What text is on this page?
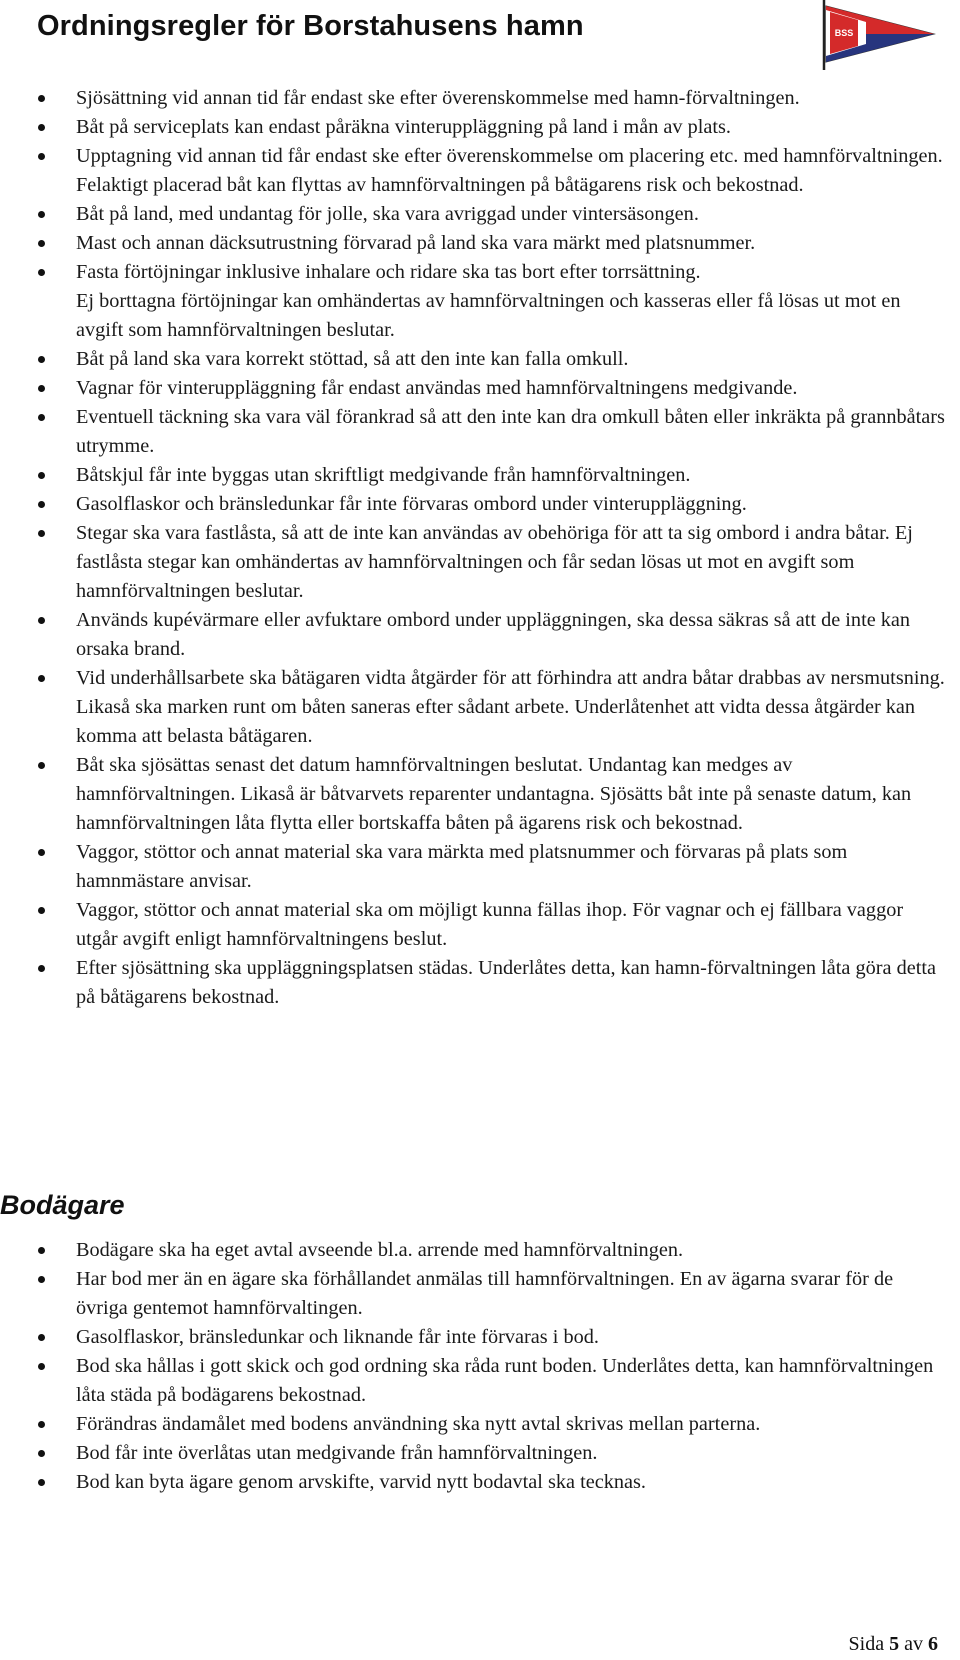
Ordningsregler för Borstahusens hamn	BSS
Sjösättning vid annan tid får endast ske efter överenskommelse med hamn-förvaltningen.
Båt på serviceplats kan endast påräkna vinteruppläggning på land i mån av plats.
Upptagning vid annan tid får endast ske efter överenskommelse om placering etc. med hamnförvaltningen. Felaktigt placerad båt kan flyttas av hamnförvaltningen på båtägarens risk och bekostnad.
Båt på land, med undantag för jolle, ska vara avriggad under vintersäsongen.
Mast och annan däcksutrustning förvarad på land ska vara märkt med platsnummer.
Fasta förtöjningar inklusive inhalare och ridare ska tas bort efter torrsättning.
Ej borttagna förtöjningar kan omhändertas av hamnförvaltningen och kasseras eller få lösas ut mot en avgift som hamnförvaltningen beslutar.
Båt på land ska vara korrekt stöttad, så att den inte kan falla omkull.
Vagnar för vinteruppläggning får endast användas med hamnförvaltningens medgivande.
Eventuell täckning ska vara väl förankrad så att den inte kan dra omkull båten eller inkräkta på grannbåtars utrymme.
Båtskjul får inte byggas utan skriftligt medgivande från hamnförvaltningen.
Gasolflaskor och bränsledunkar får inte förvaras ombord under vinteruppläggning.
Stegar ska vara fastlåsta, så att de inte kan användas av obehöriga för att ta sig ombord i andra båtar. Ej fastlåsta stegar kan omhändertas av hamnförvaltningen och får sedan lösas ut mot en avgift som hamnförvaltningen beslutar.
Används kupévärmare eller avfuktare ombord under uppläggningen, ska dessa säkras så att de inte kan orsaka brand.
Vid underhållsarbete ska båtägaren vidta åtgärder för att förhindra att andra båtar drabbas av nersmutsning. Likaså ska marken runt om båten saneras efter sådant arbete. Underlåtenhet att vidta dessa åtgärder kan komma att belasta båtägaren.
Båt ska sjösättas senast det datum hamnförvaltningen beslutat. Undantag kan medges av hamnförvaltningen. Likaså är båtvarvets reparenter undantagna. Sjösätts båt inte på senaste datum, kan hamnförvaltningen låta flytta eller bortskaffa båten på ägarens risk och bekostnad.
Vaggor, stöttor och annat material ska vara märkta med platsnummer och förvaras på plats som hamnmästare anvisar.
Vaggor, stöttor och annat material ska om möjligt kunna fällas ihop. För vagnar och ej fällbara vaggor utgår avgift enligt hamnförvaltningens beslut.
Efter sjösättning ska uppläggningsplatsen städas. Underlåtes detta, kan hamn-förvaltningen låta göra detta på båtägarens bekostnad.
Bodägare
Bodägare ska ha eget avtal avseende bl.a. arrende med hamnförvaltningen.
Har bod mer än en ägare ska förhållandet anmälas till hamnförvaltningen. En av ägarna svarar för de övriga gentemot hamnförvaltingen.
Gasolflaskor, bränsledunkar och liknande får inte förvaras i bod.
Bod ska hållas i gott skick och god ordning ska råda runt boden. Underlåtes detta, kan hamnförvaltningen låta städa på bodägarens bekostnad.
Förändras ändamålet med bodens användning ska nytt avtal skrivas mellan parterna.
Bod får inte överlåtas utan medgivande från hamnförvaltningen.
Bod kan byta ägare genom arvskifte, varvid nytt bodavtal ska tecknas.
Sida 5 av 6
